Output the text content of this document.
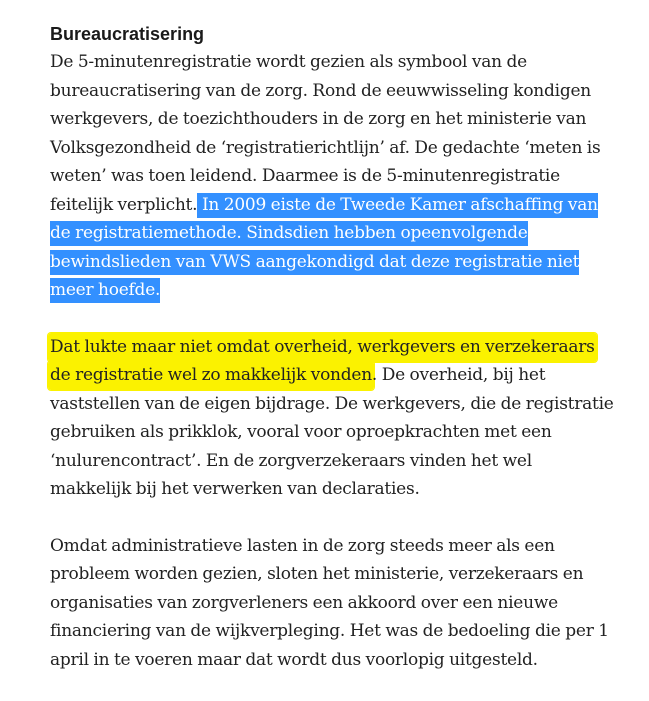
Bureaucratisering

De 5-minutenregistratie wordt gezien als symbool van de
bureaucratisering van de zorg. Rond de eeuwwisseling kondigen
werkgevers, de toezichthouders in de zorg en het ministerie van
Volksgezondheid de ‘registratierichtlijn’ af. De gedachte ‘meten is
weten’ was toen leidend. Daarmee is de 5-minutenregistratie
feitelijk verplicht. In 2009 eiste de Tweede Kamer afschaffing van
de registratiemethode. Sindsdien hebben opeenvolgende
bewindslieden van VWS aangekondigd dat deze registratie niet
meer hoefde.

Dat lukte maar niet omdat overheid, werkgevers en verzekeraars
de registratie wel zo makkelijk vonden. De overheid, bij het
vaststellen van de eigen bijdrage. De werkgevers, die de registratie
gebruiken als prikklok, vooral voor oproepkrachten met een
‘nulurencontract’. En de zorgverzekeraars vinden het wel
makkelijk bij het verwerken van declaraties.

Omdat administratieve lasten in de zorg steeds meer als een
probleem worden gezien, sloten het ministerie, verzekeraars en
organisaties van zorgverleners een akkoord over een nieuwe
financiering van de wijkverpleging. Het was de bedoeling die per 1
april in te voeren maar dat wordt dus voorlopig uitgesteld.
